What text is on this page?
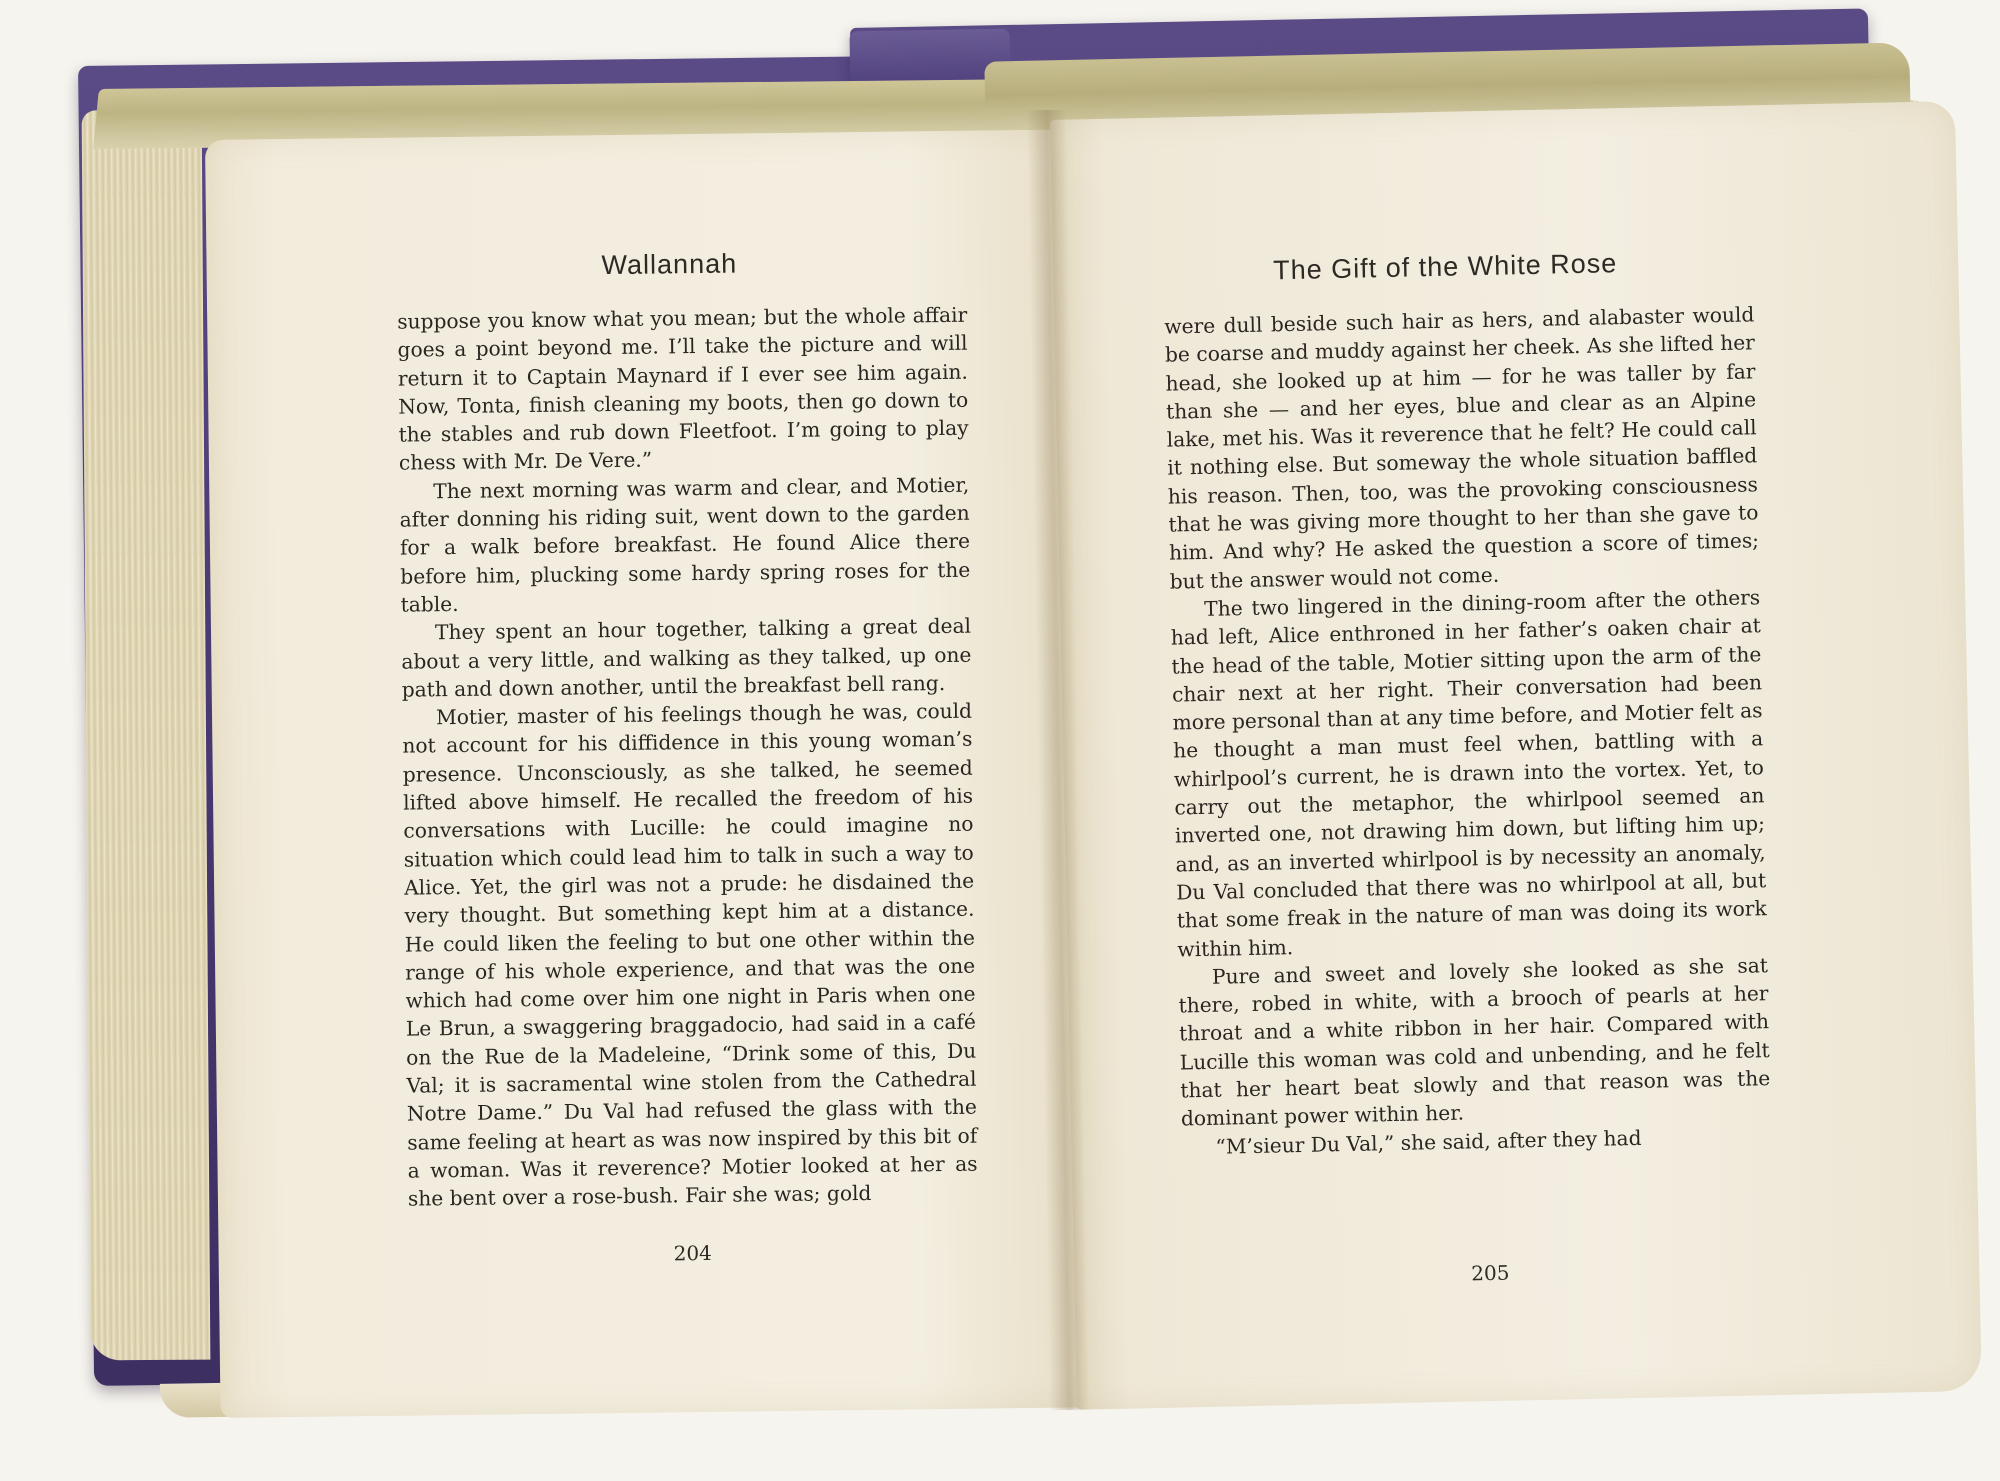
Wallannah

suppose you know what you mean; but the whole affair goes a point beyond me. I’ll take the picture and will return it to Captain Maynard if I ever see him again. Now, Tonta, finish cleaning my boots, then go down to the stables and rub down Fleetfoot. I’m going to play chess with Mr. De Vere.”

The next morning was warm and clear, and Motier, after donning his riding suit, went down to the garden for a walk before breakfast. He found Alice there before him, plucking some hardy spring roses for the table.

They spent an hour together, talking a great deal about a very little, and walking as they talked, up one path and down another, until the breakfast bell rang.

Motier, master of his feelings though he was, could not account for his diffidence in this young woman’s presence. Unconsciously, as she talked, he seemed lifted above himself. He recalled the freedom of his conversations with Lucille: he could imagine no situation which could lead him to talk in such a way to Alice. Yet, the girl was not a prude: he disdained the very thought. But something kept him at a distance. He could liken the feeling to but one other within the range of his whole experience, and that was the one which had come over him one night in Paris when one Le Brun, a swaggering braggadocio, had said in a café on the Rue de la Madeleine, “Drink some of this, Du Val; it is sacramental wine stolen from the Cathedral Notre Dame.” Du Val had refused the glass with the same feeling at heart as was now inspired by this bit of a woman. Was it reverence? Motier looked at her as she bent over a rose-bush. Fair she was; gold

204

The Gift of the White Rose

were dull beside such hair as hers, and alabaster would be coarse and muddy against her cheek. As she lifted her head, she looked up at him — for he was taller by far than she — and her eyes, blue and clear as an Alpine lake, met his. Was it reverence that he felt? He could call it nothing else. But someway the whole situation baffled his reason. Then, too, was the provoking consciousness that he was giving more thought to her than she gave to him. And why? He asked the question a score of times; but the answer would not come.

The two lingered in the dining-room after the others had left, Alice enthroned in her father’s oaken chair at the head of the table, Motier sitting upon the arm of the chair next at her right. Their conversation had been more personal than at any time before, and Motier felt as he thought a man must feel when, battling with a whirlpool’s current, he is drawn into the vortex. Yet, to carry out the metaphor, the whirlpool seemed an inverted one, not drawing him down, but lifting him up; and, as an inverted whirlpool is by necessity an anomaly, Du Val concluded that there was no whirlpool at all, but that some freak in the nature of man was doing its work within him.

Pure and sweet and lovely she looked as she sat there, robed in white, with a brooch of pearls at her throat and a white ribbon in her hair. Compared with Lucille this woman was cold and unbending, and he felt that her heart beat slowly and that reason was the dominant power within her.

“M’sieur Du Val,” she said, after they had

205
